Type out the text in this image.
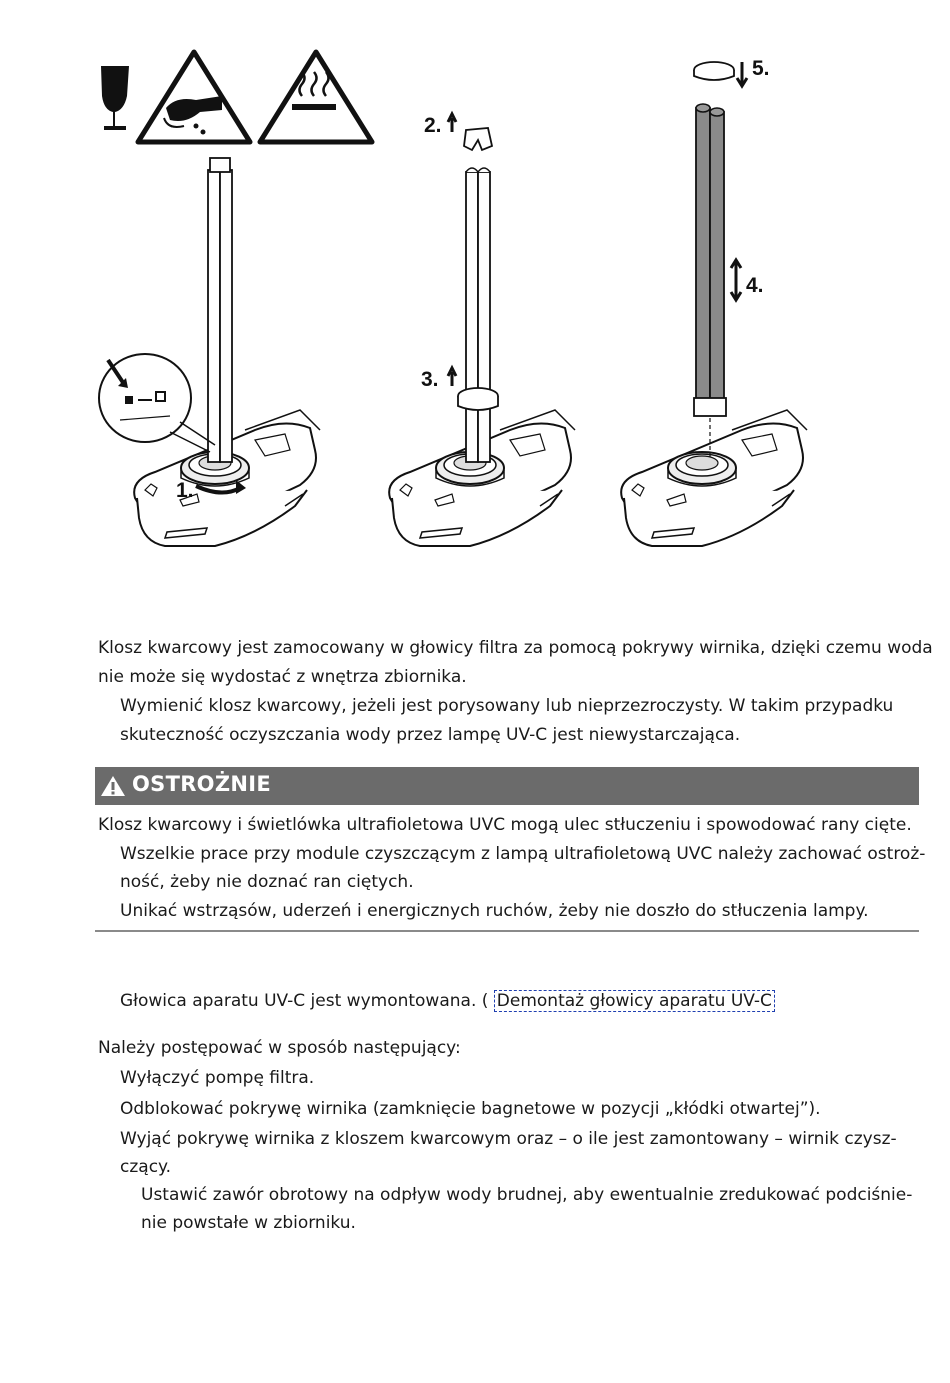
1.
2.
3.
5.
4.
Klosz kwarcowy jest zamocowany w głowicy filtra za pomocą pokrywy wirnika, dzięki czemu woda
nie może się wydostać z wnętrza zbiornika.
Wymienić klosz kwarcowy, jeżeli jest porysowany lub nieprzezroczysty. W takim przypadku
skuteczność oczyszczania wody przez lampę UV-C jest niewystarczająca.
OSTROŻNIE
Klosz kwarcowy i świetlówka ultrafioletowa UVC mogą ulec stłuczeniu i spowodować rany cięte.
Wszelkie prace przy module czyszczącym z lampą ultrafioletową UVC należy zachować ostroż-
ność, żeby nie doznać ran ciętych.
Unikać wstrząsów, uderzeń i energicznych ruchów, żeby nie doszło do stłuczenia lampy.
Głowica aparatu UV-C jest wymontowana. ( Demontaż głowicy aparatu UV-C
Należy postępować w sposób następujący:
Wyłączyć pompę filtra.
Odblokować pokrywę wirnika (zamknięcie bagnetowe w pozycji „kłódki otwartej”).
Wyjąć pokrywę wirnika z kloszem kwarcowym oraz – o ile jest zamontowany – wirnik czysz-
czący.
Ustawić zawór obrotowy na odpływ wody brudnej, aby ewentualnie zredukować podciśnie-
nie powstałe w zbiorniku.
